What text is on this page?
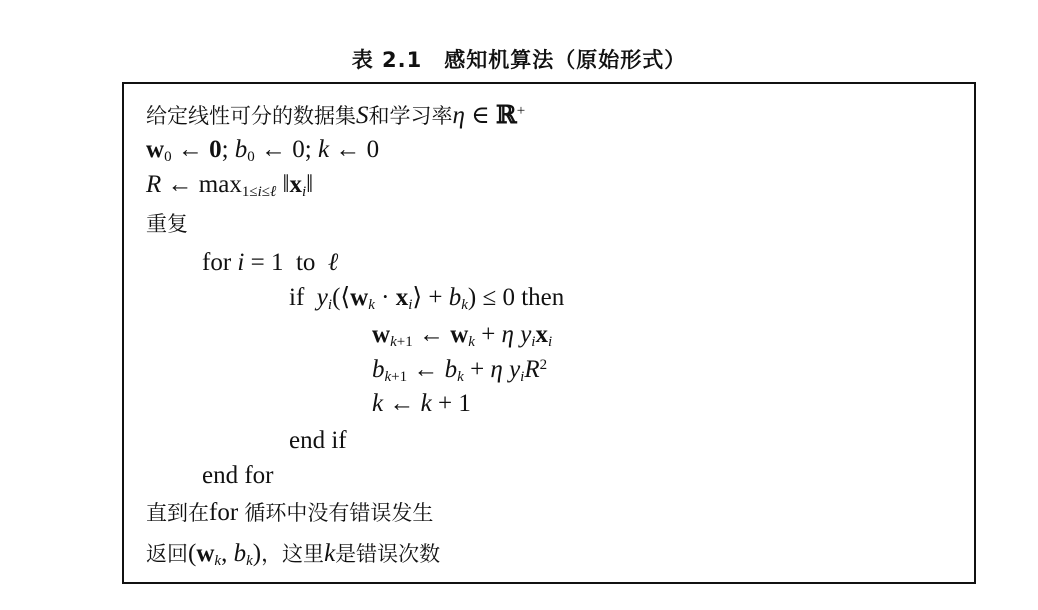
表 2.1　感知机算法（原始形式）
给定线性可分的数据集S和学习率η ∈ ℝ+
$w_0$ ← 0; $b_0$ ← 0; k ← 0
R ← $\max_{1\le i\le\ell}$ $‖x_i‖$
重复
for i = 1  to ℓ
if $y_i(⟨w_k$ · $x_i⟩ + b_k) \le 0$ then
$w_{k+1}$ ← $w_k + \eta$ $y_ix_i$
$b_{k+1}$ ← $b_k + \eta$ $y_iR^2$
k ← k + 1
end if
end for
直到在for 循环中没有错误发生
返回($w_k$, $b_k$)，这里k是错误次数
